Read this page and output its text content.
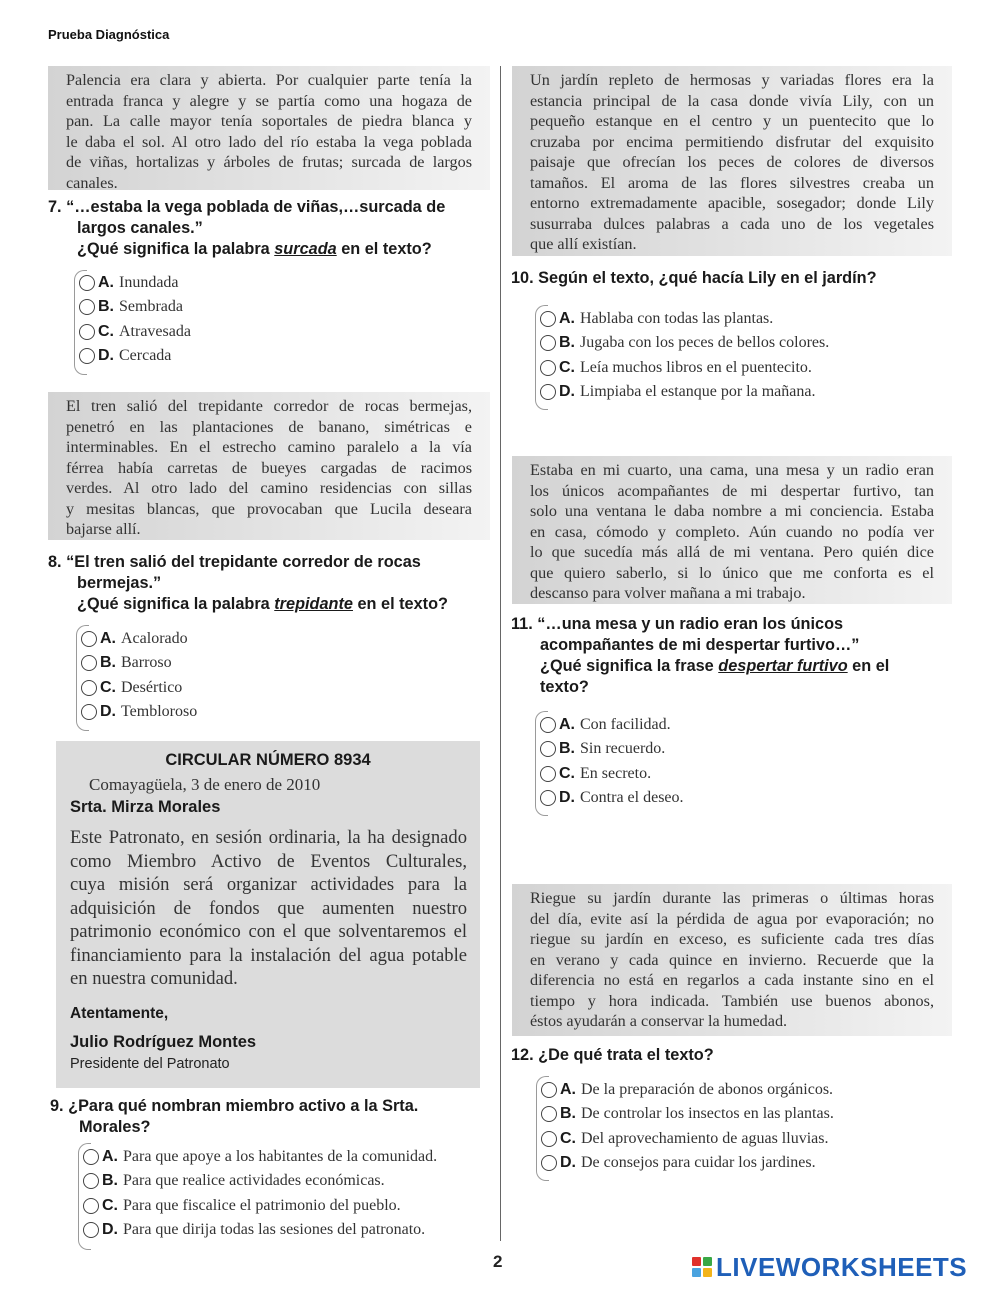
Prueba Diagnóstica
Palencia era clara y abierta. Por cualquier parte tenía la
entrada franca y alegre y se partía como una hogaza de
pan. La calle mayor tenía soportales de piedra blanca y
le daba el sol. Al otro lado del río estaba la vega poblada
de viñas, hortalizas y árboles de frutas; surcada de largos
canales.
7. “…estaba la vega poblada de viñas,…surcada de
largos canales.”
¿Qué significa la palabra surcada en el texto?
A. Inundada
B. Sembrada
C. Atravesada
D. Cercada
El tren salió del trepidante corredor de rocas bermejas,
penetró en las plantaciones de banano, simétricas e
interminables. En el estrecho camino paralelo a la vía
férrea había carretas de bueyes cargadas de racimos
verdes. Al otro lado del camino residencias con sillas
y mesitas blancas, que provocaban que Lucila deseara
bajarse allí.
8. “El tren salió del trepidante corredor de rocas
bermejas.”
¿Qué significa la palabra trepidante en el texto?
A. Acalorado
B. Barroso
C. Desértico
D. Tembloroso
CIRCULAR NÚMERO 8934
Comayagüela, 3 de enero de 2010
Srta. Mirza Morales
Este Patronato, en sesión ordinaria, la ha designado
como Miembro Activo de Eventos Culturales,
cuya misión será organizar actividades para la
adquisición de fondos que aumenten nuestro
patrimonio económico con el que solventaremos el
financiamiento para la instalación del agua potable
en nuestra comunidad.
Atentamente,
Julio Rodríguez Montes
Presidente del Patronato
9. ¿Para qué nombran miembro activo a la Srta.
Morales?
A. Para que apoye a los habitantes de la comunidad.
B. Para que realice actividades económicas.
C. Para que fiscalice el patrimonio del pueblo.
D. Para que dirija todas las sesiones del patronato.
Un jardín repleto de hermosas y variadas flores era la
estancia principal de la casa donde vivía Lily, con un
pequeño estanque en el centro y un puentecito que lo
cruzaba por encima permitiendo disfrutar del exquisito
paisaje que ofrecían los peces de colores de diversos
tamaños. El aroma de las flores silvestres creaba un
entorno extremadamente apacible, sosegador; donde Lily
susurraba dulces palabras a cada uno de los vegetales
que allí existían.
10. Según el texto, ¿qué hacía Lily en el jardín?
A. Hablaba con todas las plantas.
B. Jugaba con los peces de bellos colores.
C. Leía muchos libros en el puentecito.
D. Limpiaba el estanque por la mañana.
Estaba en mi cuarto, una cama, una mesa y un radio eran
los únicos acompañantes de mi despertar furtivo, tan
solo una ventana le daba nombre a mi conciencia. Estaba
en casa, cómodo y completo. Aún cuando no podía ver
lo que sucedía más allá de mi ventana. Pero quién dice
que quiero saberlo, si lo único que me conforta es el
descanso para volver mañana a mi trabajo.
11. “…una mesa y un radio eran los únicos
acompañantes de mi despertar furtivo…”
¿Qué significa la frase despertar furtivo en el
texto?
A. Con facilidad.
B. Sin recuerdo.
C. En secreto.
D. Contra el deseo.
Riegue su jardín durante las primeras o últimas horas
del día, evite así la pérdida de agua por evaporación; no
riegue su jardín en exceso, es suficiente cada tres días
en verano y cada quince en invierno. Recuerde que la
diferencia no está en regarlos a cada instante sino en el
tiempo y hora indicada. También use buenos abonos,
éstos ayudarán a conservar la humedad.
12. ¿De qué trata el texto?
A. De la preparación de abonos orgánicos.
B. De controlar los insectos en las plantas.
C. Del aprovechamiento de aguas lluvias.
D. De consejos para cuidar los jardines.
2	LIVEWORKSHEETS
